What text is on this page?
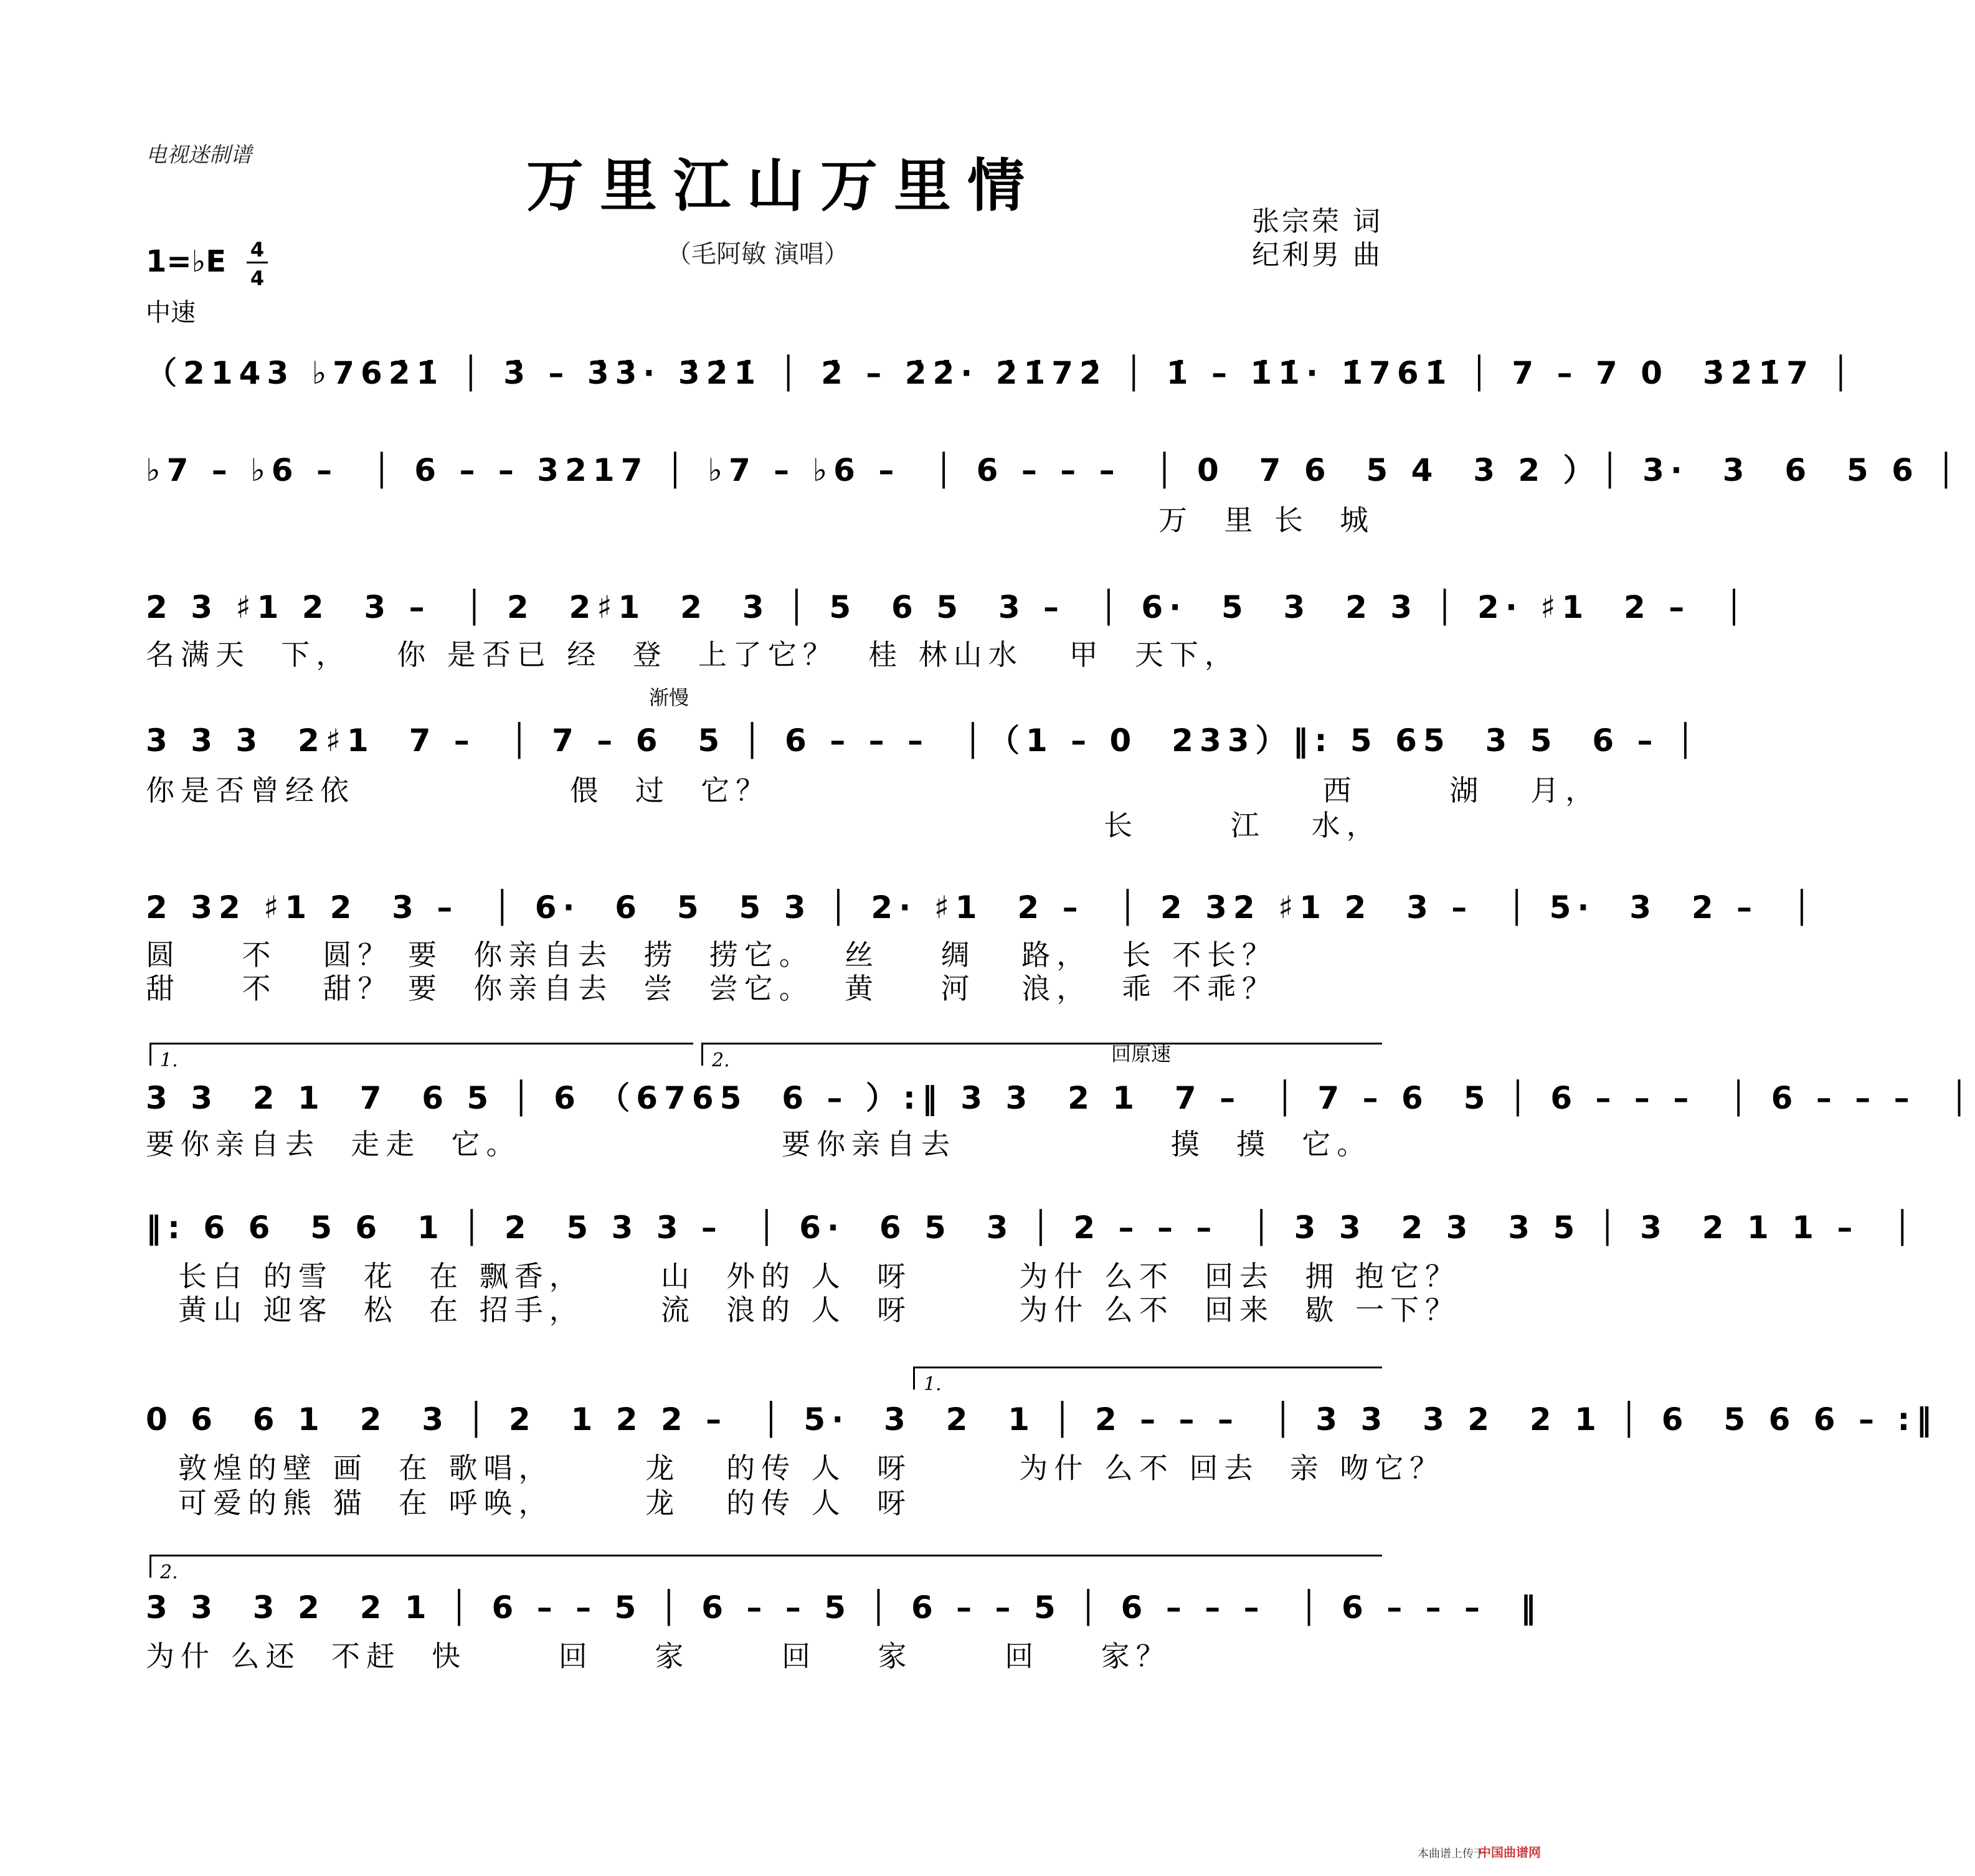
电视迷制谱	万里江山万里情
（毛阿敏 演唱）
张宗荣 词
纪利男 曲
1=♭E 4
4
中速
（2143 ♭762̇1̇ │ 3̇ – 3̇3̇· 3̇2̇1̇ │ 2̇ – 2̇2̇· 2̇1̇72̇ │ 1̇ – 1̇1̇· 1̇761̇ │ 7 – 7 0  3̇2̇1̇7 │
♭7 – ♭6 –  │ 6 – – 3217 │ ♭7 – ♭6 –  │ 6 – – –  │ 0  7 6  5 4  3 2 ）│ 3·  3  6  5 6 │
万  里 长  城
2 3 ♯1 2  3 –  │ 2  2♯1  2  3 │ 5  6 5  3 –  │ 6·  5  3  2 3 │ 2· ♯1  2 –  │
名满天  下，   你 是否已 经  登  上了它？  桂 林山水   甲  天下，
渐慢
3 3 3  2♯1  7 –  │ 7 – 6  5 │ 6 – – –  │（1 – 0  233）‖: 5 65  3 5  6 – │
你是否曾经依              偎  过  它？                                    西      湖   月，
长      江   水，
2 32 ♯1 2  3 –  │ 6·  6  5  5 3 │ 2· ♯1  2 –  │ 2 32 ♯1 2  3 –  │ 5·  3  2 –  │
圆    不   圆？ 要  你亲自去  捞  捞它。  丝    绸   路，  长 不长？
甜    不   甜？ 要  你亲自去  尝  尝它。  黄    河   浪，  乖 不乖？
1.	2.	回原速
3 3  2 1  7  6 5 │ 6 （6765  6 – ）:‖ 3 3  2 1  7 –  │ 7 – 6  5 │ 6 – – –  │ 6 – – –  │
要你亲自去  走走  它。                 要你亲自去              摸  摸  它。
‖: 6 6  5 6  1 │ 2  5 3 3 –  │ 6·  6 5  3 │ 2 – – –  │ 3 3  2 3  3 5 │ 3  2 1 1 –  │
长白 的雪  花  在 飘香，     山  外的 人  呀       为什 么不  回去  拥 抱它？
黄山 迎客  松  在 招手，     流  浪的 人  呀       为什 么不  回来  歇 一下？
1.
0 6  6 1  2  3 │ 2  1 2 2 –  │ 5·  3  2  1 │ 2 – – –  │ 3 3  3 2  2 1 │ 6  5 6 6 – :‖
敦煌的壁 画  在 歌唱，      龙   的传 人  呀       为什 么不 回去  亲 吻它？
可爱的熊 猫  在 呼唤，      龙   的传 人  呀
2.
3 3  3 2  2 1 │ 6 – – 5 │ 6 – – 5 │ 6 – – 5 │ 6 – – –  │ 6 – – –  ‖
为什 么还  不赶  快      回    家      回    家      回    家？
本曲谱上传于
中国曲谱网
